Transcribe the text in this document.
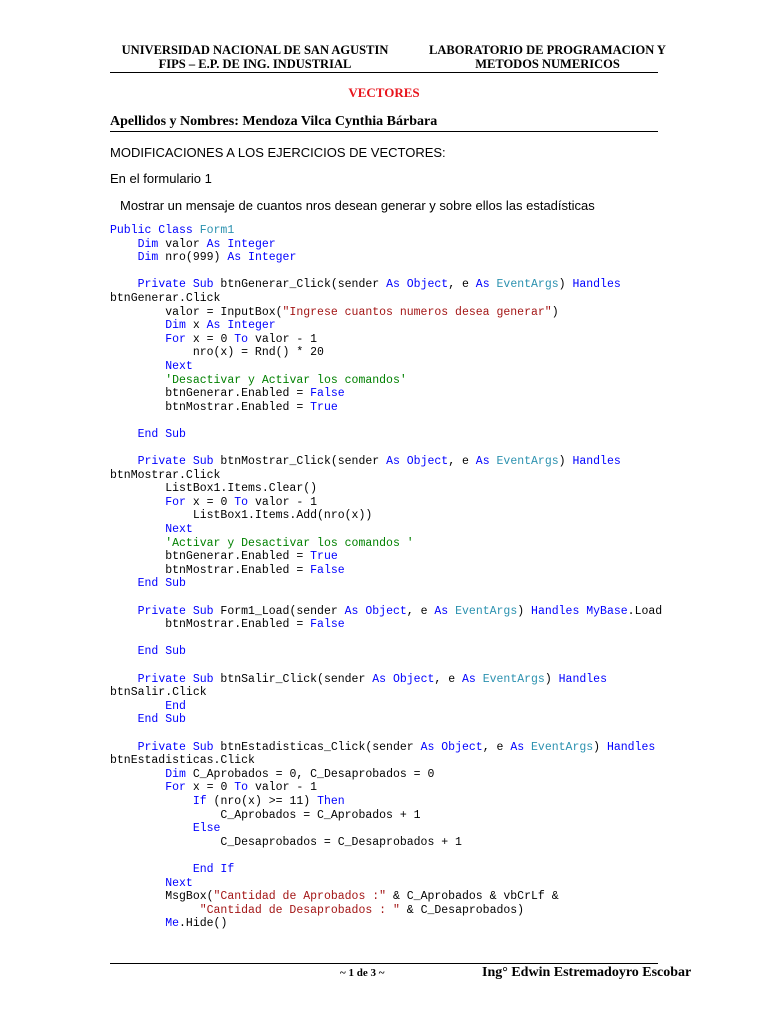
UNIVERSIDAD NACIONAL DE SAN AGUSTIN
FIPS – E.P. DE ING. INDUSTRIAL
LABORATORIO DE PROGRAMACION Y
METODOS NUMERICOS
VECTORES
Apellidos y Nombres: Mendoza Vilca Cynthia Bárbara
MODIFICACIONES A LOS EJERCICIOS DE VECTORES:
En el formulario 1
Mostrar un mensaje de cuantos nros desean generar y sobre ellos las estadísticas
Public Class Form1
Dim valor As Integer
Dim nro(999) As Integer
Private Sub btnGenerar_Click(sender As Object, e As EventArgs) Handles
btnGenerar.Click
valor = InputBox("Ingrese cuantos numeros desea generar")
Dim x As Integer
For x = 0 To valor - 1
nro(x) = Rnd() * 20
Next
'Desactivar y Activar los comandos'
btnGenerar.Enabled = False
btnMostrar.Enabled = True
End Sub
Private Sub btnMostrar_Click(sender As Object, e As EventArgs) Handles
btnMostrar.Click
ListBox1.Items.Clear()
For x = 0 To valor - 1
ListBox1.Items.Add(nro(x))
Next
'Activar y Desactivar los comandos '
btnGenerar.Enabled = True
btnMostrar.Enabled = False
End Sub
Private Sub Form1_Load(sender As Object, e As EventArgs) Handles MyBase.Load
btnMostrar.Enabled = False
End Sub
Private Sub btnSalir_Click(sender As Object, e As EventArgs) Handles
btnSalir.Click
End
End Sub
Private Sub btnEstadisticas_Click(sender As Object, e As EventArgs) Handles
btnEstadisticas.Click
Dim C_Aprobados = 0, C_Desaprobados = 0
For x = 0 To valor - 1
If (nro(x) >= 11) Then
C_Aprobados = C_Aprobados + 1
Else
C_Desaprobados = C_Desaprobados + 1
End If
Next
MsgBox("Cantidad de Aprobados :" & C_Aprobados & vbCrLf &
"Cantidad de Desaprobados : " & C_Desaprobados)
Me.Hide()
~ 1 de 3 ~	Ing° Edwin Estremadoyro Escobar
